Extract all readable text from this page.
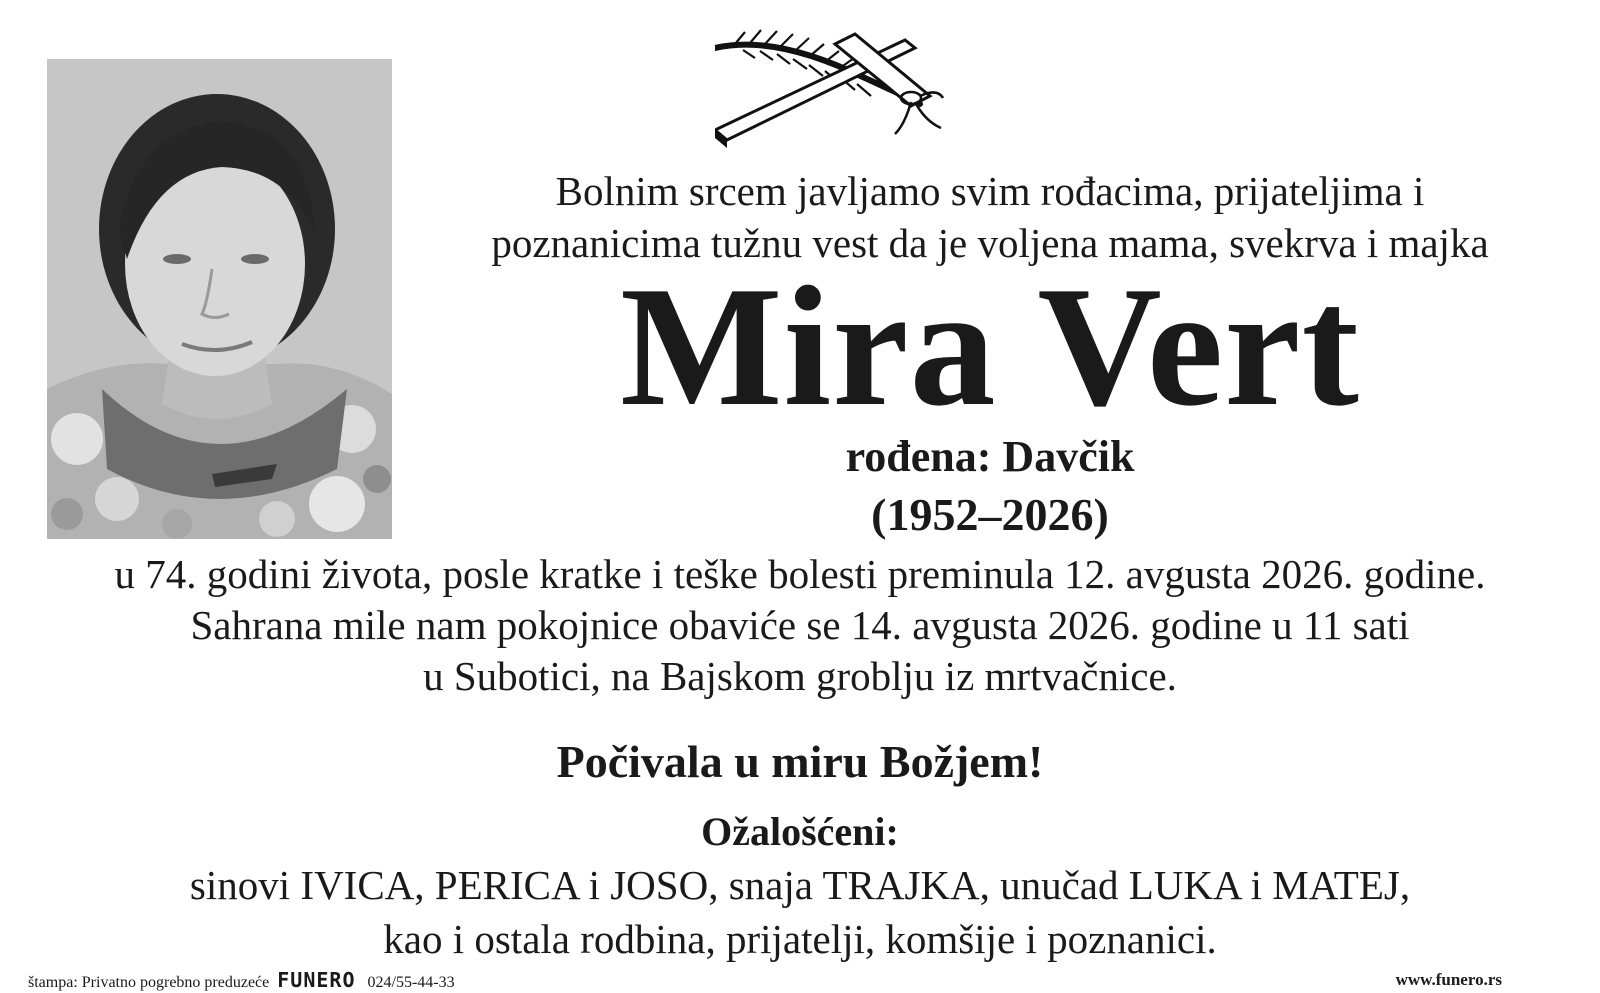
Bolnim srcem javljamo svim rođacima, prijateljima i
poznanicima tužnu vest da je voljena mama, svekrva i majka
Mira Vert
rođena: Davčik
(1952–2026)
u 74. godini života, posle kratke i teške bolesti preminula 12. avgusta 2026. godine.
Sahrana mile nam pokojnice obaviće se 14. avgusta 2026. godine u 11 sati
u Subotici, na Bajskom groblju iz mrtvačnice.
Počivala u miru Božjem!
Ožalošćeni:
sinovi IVICA, PERICA i JOSO, snaja TRAJKA, unučad LUKA i MATEJ,
kao i ostala rodbina, prijatelji, komšije i poznanici.
štampa: Privatno pogrebno preduzeće FUNERO 024/55-44-33	www.funero.rs
